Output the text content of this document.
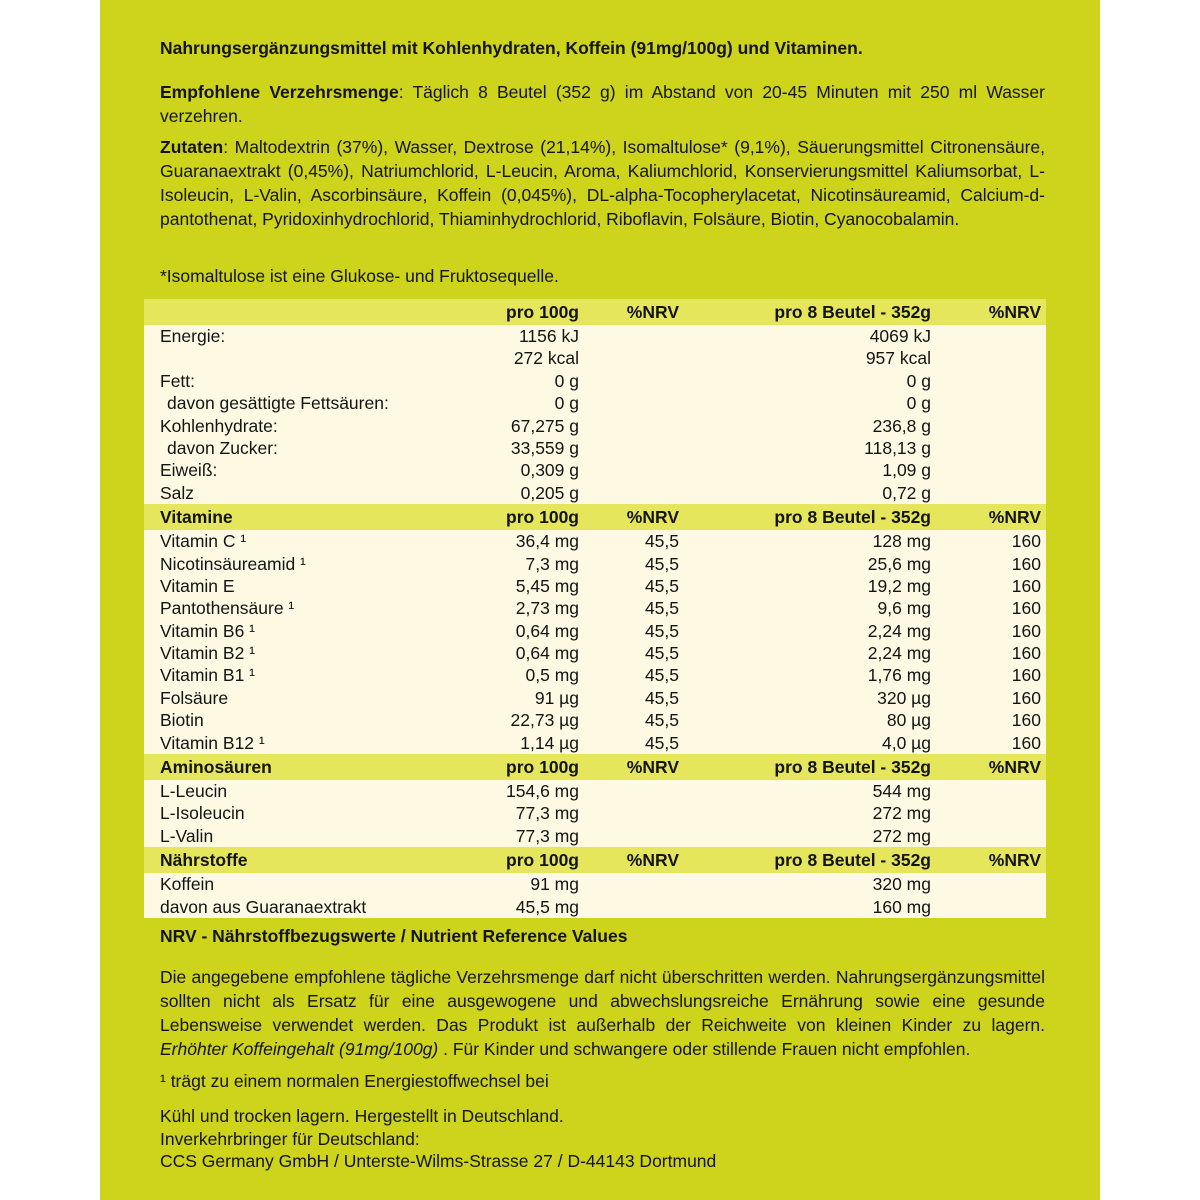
Nahrungsergänzungsmittel mit Kohlenhydraten, Koffein (91mg/100g) und Vitaminen.

Empfohlene Verzehrsmenge: Täglich 8 Beutel (352 g) im Abstand von 20-45 Minuten mit 250 ml Wasser verzehren.

Zutaten: Maltodextrin (37%), Wasser, Dextrose (21,14%), Isomaltulose* (9,1%), Säuerungsmittel Citronensäure, Guaranaextrakt (0,45%), Natriumchlorid, L-Leucin, Aroma, Kaliumchlorid, Konservierungsmittel Kaliumsorbat, L-Isoleucin, L-Valin, Ascorbinsäure, Koffein (0,045%), DL-alpha-Tocopherylacetat, Nicotinsäureamid, Calcium-d-pantothenat, Pyridoxinhydrochlorid, Thiaminhydrochlorid, Riboflavin, Folsäure, Biotin, Cyanocobalamin.

*Isomaltulose ist eine Glukose- und Fruktosequelle.

pro 100g	%NRV	pro 8 Beutel - 352g	%NRV
Energie:	1156 kJ	4069 kJ
272 kcal	957 kcal
Fett:	0 g	0 g
davon gesättigte Fettsäuren:	0 g	0 g
Kohlenhydrate:	67,275 g	236,8 g
davon Zucker:	33,559 g	118,13 g
Eiweiß:	0,309 g	1,09 g
Salz	0,205 g	0,72 g
Vitamine	pro 100g	%NRV	pro 8 Beutel - 352g	%NRV
Vitamin C ¹	36,4 mg	45,5	128 mg	160
Nicotinsäureamid ¹	7,3 mg	45,5	25,6 mg	160
Vitamin E	5,45 mg	45,5	19,2 mg	160
Pantothensäure ¹	2,73 mg	45,5	9,6 mg	160
Vitamin B6 ¹	0,64 mg	45,5	2,24 mg	160
Vitamin B2 ¹	0,64 mg	45,5	2,24 mg	160
Vitamin B1 ¹	0,5 mg	45,5	1,76 mg	160
Folsäure	91 µg	45,5	320 µg	160
Biotin	22,73 µg	45,5	80 µg	160
Vitamin B12 ¹	1,14 µg	45,5	4,0 µg	160
Aminosäuren	pro 100g	%NRV	pro 8 Beutel - 352g	%NRV
L-Leucin	154,6 mg	544 mg
L-Isoleucin	77,3 mg	272 mg
L-Valin	77,3 mg	272 mg
Nährstoffe	pro 100g	%NRV	pro 8 Beutel - 352g	%NRV
Koffein	91 mg	320 mg
davon aus Guaranaextrakt	45,5 mg	160 mg

NRV - Nährstoffbezugswerte / Nutrient Reference Values

Die angegebene empfohlene tägliche Verzehrsmenge darf nicht überschritten werden. Nahrungsergänzungsmittel sollten nicht als Ersatz für eine ausgewogene und abwechslungsreiche Ernährung sowie eine gesunde Lebensweise verwendet werden. Das Produkt ist außerhalb der Reichweite von kleinen Kinder zu lagern. Erhöhter Koffeingehalt (91mg/100g) . Für Kinder und schwangere oder stillende Frauen nicht empfohlen.

¹ trägt zu einem normalen Energiestoffwechsel bei

Kühl und trocken lagern. Hergestellt in Deutschland.
Inverkehrbringer für Deutschland:
CCS Germany GmbH / Unterste-Wilms-Strasse 27 / D-44143 Dortmund
